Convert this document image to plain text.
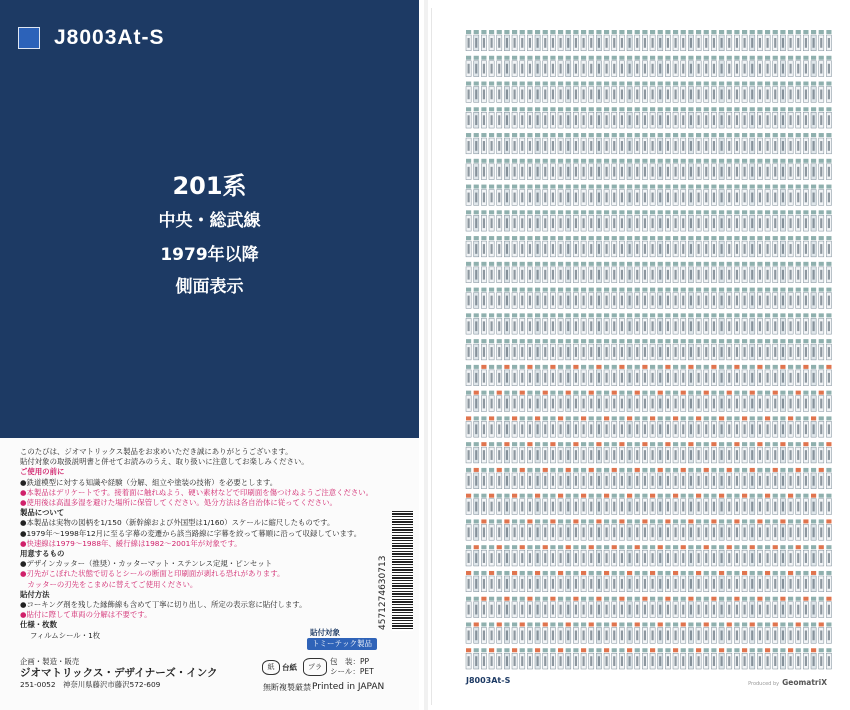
J8003At-S
201系
中央・総武線
1979年以降
側面表示
このたびは、ジオマトリックス製品をお求めいただき誠にありがとうございます。
貼付対象の取扱説明書と併せてお読みのうえ、取り扱いに注意してお楽しみください。
ご使用の前に
●鉄道模型に対する知識や経験（分解、組立や塗装の技術）を必要とします。
●本製品はデリケートです。接着面に触れぬよう、硬い素材などで印刷面を傷つけぬようご注意ください。
●使用後は高温多湿を避けた場所に保管してください。処分方法は各自治体に従ってください。
製品について
●本製品は実物の図柄を1/150（新幹線および外国型は1/160）スケールに縮尺したものです。
●1979年〜1998年12月に至る字幕の変遷から該当路線に字幕を絞って幕順に沿って収録しています。
●快速線は1979〜1988年、緩行線は1982〜2001年が対象です。
用意するもの
●デザインカッター（推奨）・カッターマット・ステンレス定規・ピンセット
●刃先がこぼれた状態で切るとシールの断面と印刷面が剥れる恐れがあります。
　カッターの刃先をこまめに替えてご使用ください。
貼付方法
●コーキング剤を残した縁飾線も含めて丁寧に切り出し、所定の表示窓に貼付します。
●貼付に際して車両の分解は不要です。
仕様・枚数
フィルムシール・1枚	貼付対象
トミーテック製品
企画・製造・販売
ジオマトリックス・デザイナーズ・インク
251-0052　神奈川県藤沢市藤沢572-609
紙	台紙	プラ
包　装：PP
シール：PET
無断複製厳禁 Printed in JAPAN
4571274630713
J8003At-S	Produced by GeomatriX
